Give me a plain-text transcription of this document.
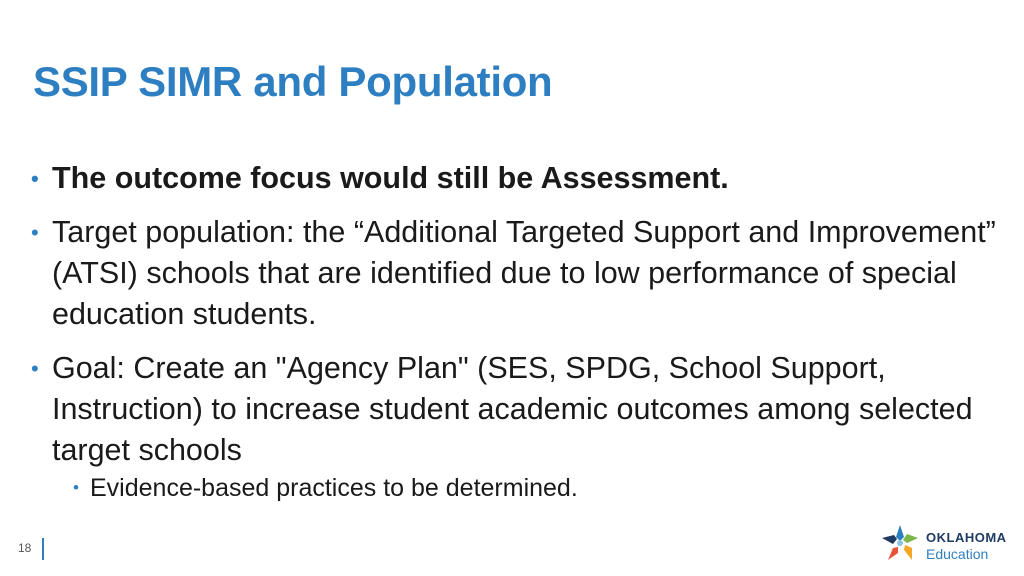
SSIP SIMR and Population
• The outcome focus would still be Assessment.
• Target population: the “Additional Targeted Support and Improvement” (ATSI) schools that are identified due to low performance of special education students.
• Goal: Create an "Agency Plan" (SES, SPDG, School Support, Instruction) to increase student academic outcomes among selected target schools
• Evidence-based practices to be determined.
18
OKLAHOMA
Education
